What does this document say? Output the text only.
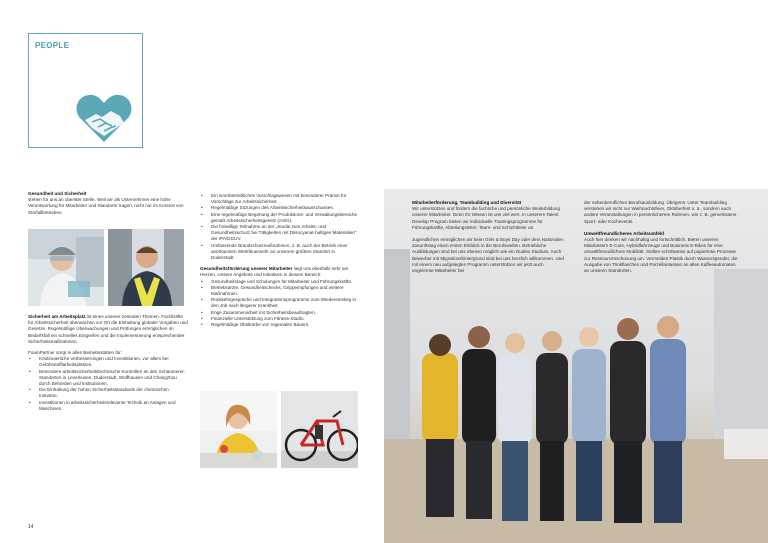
PEOPLE
Gesundheit und Sicherheit
stehen für uns an oberster Stelle. Weil wir als Unternehmen eine hohe Verantwortung für Mitarbeiter und Standorte tragen, nicht nur im Kontext von Störfallbetrieben.
Sicherheit am Arbeitsplatz ist eines unserer zentralen Themen. Fachkräfte für Arbeitssicherheit überwachen vor Ort die Einhaltung globaler Vorgaben und Gesetze. Regelmäßige Überwachungen und Prüfungen ermöglichen im Bedarfsfall ein schnelles Eingreifen und die Implementierung entsprechender Sicherheitsmaßnahmen.
FoamPartner sorgt in allen Betriebsstätten für:
• Kontinuierliche Verbesserungen und Investitionen, vor allem bei Gefahrstofflarbeitsplätzen.
• Besondere arbeitssicherheitstechnische Kontrollen an den Schäumerei-Standorten in Leverkusen, Duderstadt, Wolfhausen und Changzhou durch Behörden und Institutionen.
• Die Einhaltung der hohen Sicherheitsstandards der chemischen Industrie.
• Investitionen in arbeitssicherheitsrelevante Technik an Anlagen und Maschinen.
• Ein innerbetriebliches Vorschlagswesen mit besonderer Prämie für Vorschläge zur Arbeitssicherheit.
• Regelmäßige Sitzungen des Arbeitssicherheitsausschusses.
• Eine regelmäßige Begehung der Produktions- und Verwaltungsbereiche gemäß Arbeitssicherheitsgesetz (ASiG).
• Die freiwillige Teilnahme an der „Studie zum Arbeits- und Gesundheitsschutz bei Tätigkeiten mit Diisocyanat-haltigen Materialien“ der IPA/DGUV.
• Umfassende Brandschutzmaßnahmen, z. B. auch der Betrieb einer anerkannten Werkfeuerwehr an unserem größten Standort in Duderstadt.
Gesundheitsförderung unserer Mitarbeiter liegt uns ebenfalls sehr am Herzen. Unsere Angebote und Initiativen in diesem Bereich:
• Gesundheitstage und Schulungen für Mitarbeiter und Führungskräfte.
• Betriebsärzte, Gesundheitschecks, Grippeimpfungen und weitere Maßnahmen.
• Rückkehrgespräche und Integrationsprogramme zum Wiedereinstieg in den Job nach längerer Krankheit.
• Enge Zusammenarbeit mit Sicherheitsbeauftragten.
• Finanzielle Unterstützung zum Fitness-Studio.
• Regelmäßige Obstkörbe von regionalen Bauern.
14
Mitarbeiterförderung, Teambuilding und Diversität
Wir unterstützen und fördern die fachliche und persönliche Weiterbildung unserer Mitarbeiter. Denn Ihr Wissen ist uns viel wert. In unserem Talent Develop Program bieten wir individuelle Trainingsprogramme für Führungskräfte, Abteilungsleiter, Team- und Schichtleiter an.
Jugendlichen ermöglichen wir beim Girls & Boys Day oder dem Nationalen Zukunftstag einen ersten Einblick in die Berufswelten. Betriebliche Ausbildungen sind bei uns ebenso möglich wie ein Duales Studium. Auch Bewerber mit Migrationshintergrund sind bei uns herzlich willkommen. Und mit einem neu aufgelegten Programm unterstützen wir jetzt auch ungelernte Mitarbeiter bei
der nebenberuflichen Berufsausbildung. Übrigens: Unter Teambuilding verstehen wir nicht nur Weihnachtsfeier, Oktoberfest o. ä., sondern auch andere Veranstaltungen in persönlicherem Rahmen, wie z. B. gemeinsame Sport- oder Kochevents.
Umweltfreundlicheres Arbeitsumfeld
Auch hier denken wir nachhaltig und fortschrittlich. Bieten unseren Mitarbeitern E-Cars, Hybridfahrzeuge und Business E-Bikes für eine umweltfreundlichere Mobilität. Stellen schrittweise auf papierlose Prozesse zur Ressourcenschonung um. Vermeiden Plastik durch Wasserspender, die Ausgabe von Trinkflaschen und Porzellantassen an allen Kaffeeautomaten an unseren Standorten.
